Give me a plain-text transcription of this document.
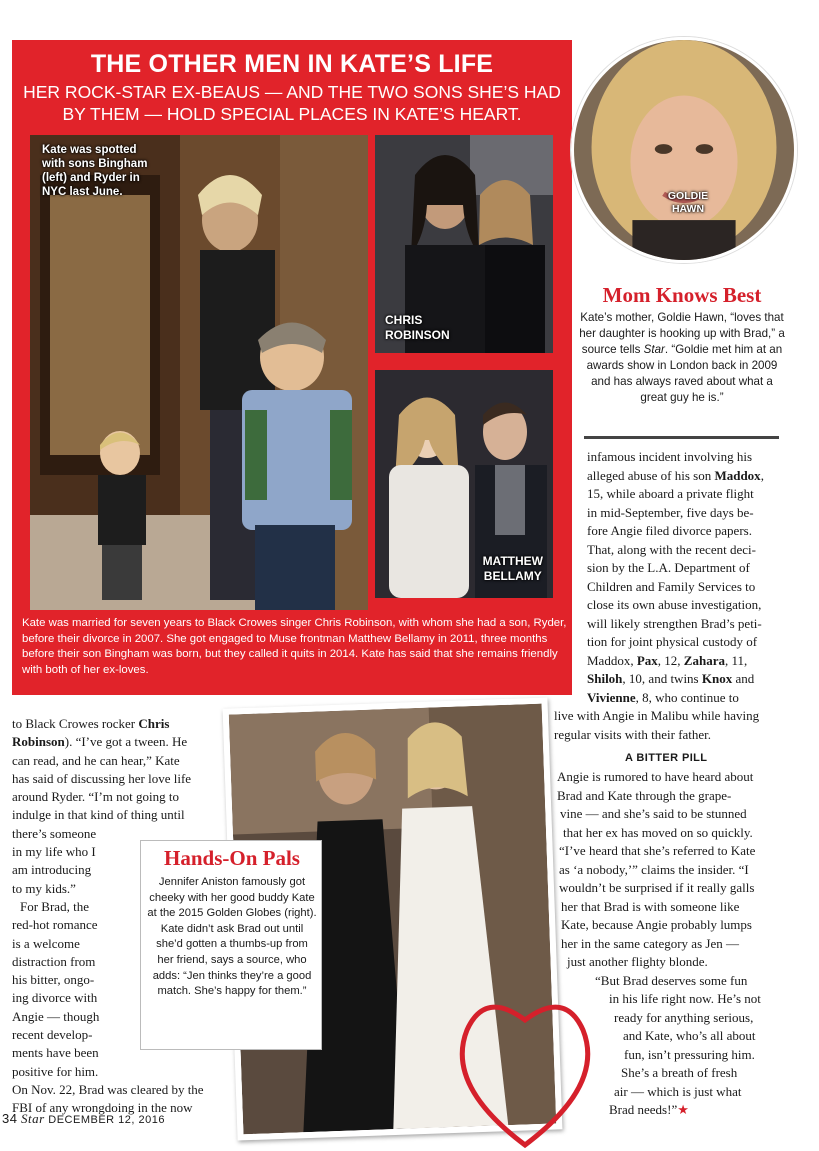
THE OTHER MEN IN KATE’S LIFE
HER ROCK-STAR EX-BEAUS — AND THE TWO SONS SHE’S HAD
BY THEM — HOLD SPECIAL PLACES IN KATE’S HEART.
Kate was spotted with sons Bingham (left) and Ryder in NYC last June.
CHRIS
ROBINSON
MATTHEW
BELLAMY
Kate was married for seven years to Black Crowes singer Chris Robinson, with whom she had a son, Ryder, before their divorce in 2007. She got engaged to Muse frontman Matthew Bellamy in 2011, three months before their son Bingham was born, but they called it quits in 2014. Kate has said that she remains friendly with both of her ex-loves.
GOLDIE
HAWN
Mom Knows Best
Kate’s mother, Goldie Hawn, “loves that her daughter is hooking up with Brad,” a source tells Star. “Goldie met him at an awards show in London back in 2009 and has always raved about what a great guy he is.”
infamous incident involving his
alleged abuse of his son Maddox,
15, while aboard a private flight
in mid-September, five days be-
fore Angie filed divorce papers.
That, along with the recent deci-
sion by the L.A. Department of
Children and Family Services to
close its own abuse investigation,
will likely strengthen Brad’s peti-
tion for joint physical custody of
Maddox, Pax, 12, Zahara, 11,
Shiloh, 10, and twins Knox and
Vivienne, 8, who continue to
live with Angie in Malibu while having
regular visits with their father.
A BITTER PILL
Angie is rumored to have heard about
Brad and Kate through the grape-
vine — and she’s said to be stunned
that her ex has moved on so quickly.
“I’ve heard that she’s referred to Kate
as ‘a nobody,’” claims the insider. “I
wouldn’t be surprised if it really galls
her that Brad is with someone like
Kate, because Angie probably lumps
her in the same category as Jen —
just another flighty blonde.
“But Brad deserves some fun
in his life right now. He’s not
ready for anything serious,
and Kate, who’s all about
fun, isn’t pressuring him.
She’s a breath of fresh
air — which is just what
Brad needs!”★
to Black Crowes rocker Chris
Robinson). “I’ve got a tween. He
can read, and he can hear,” Kate
has said of discussing her love life
around Ryder. “I’m not going to
indulge in that kind of thing until
there’s someone
in my life who I
am introducing
to my kids.”
For Brad, the
red-hot romance
is a welcome
distraction from
his bitter, ongo-
ing divorce with
Angie — though
recent develop-
ments have been
positive for him.
On Nov. 22, Brad was cleared by the
FBI of any wrongdoing in the now
Hands-On Pals
Jennifer Aniston famously got cheeky with her good buddy Kate at the 2015 Golden Globes (right). Kate didn’t ask Brad out until she’d gotten a thumbs-up from her friend, says a source, who adds: “Jen thinks they’re a good match. She’s happy for them.”
34 Star DECEMBER 12, 2016
